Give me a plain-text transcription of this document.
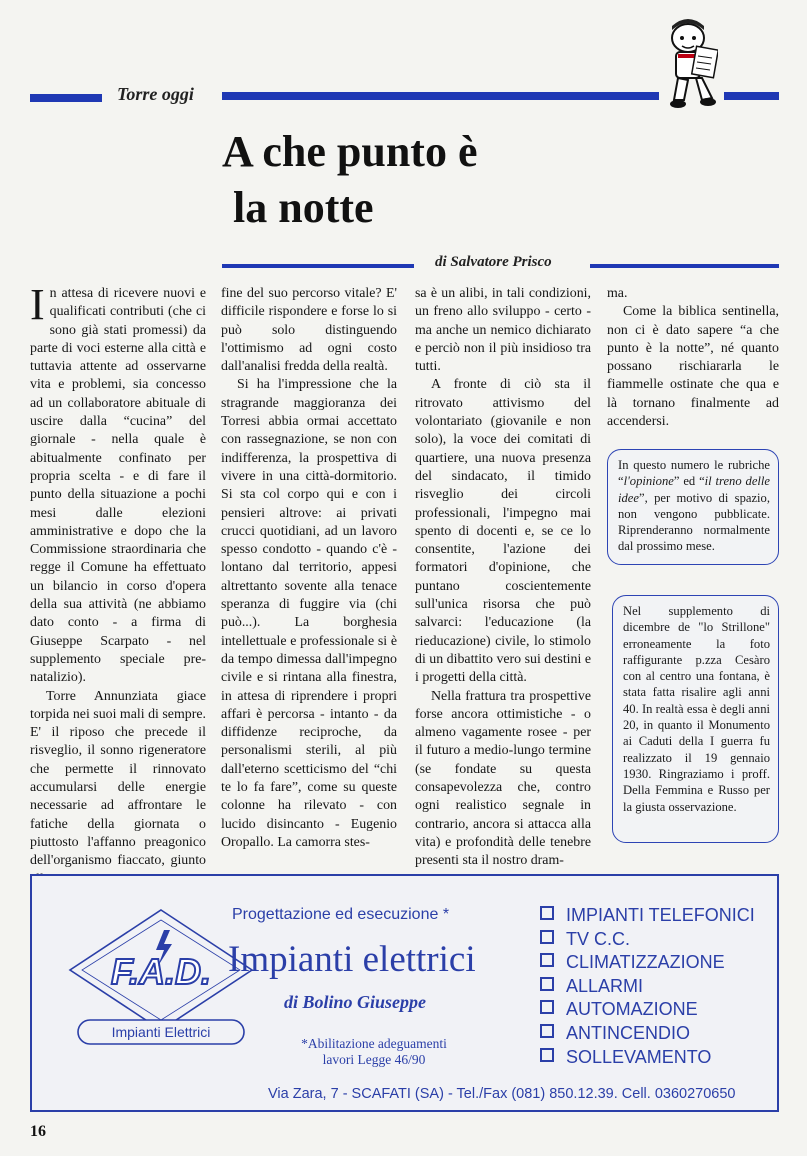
Torre oggi
A che punto è
la notte
di Salvatore Prisco

In attesa di ricevere nuovi e qualificati contributi (che ci sono già stati promessi) da parte di voci esterne alla città e tuttavia attente ad osservarne vita e problemi, sia concesso ad un collaboratore abituale di uscire dalla “cucina” del giornale - nella quale è abitualmente confinato per propria scelta - e di fare il punto della situazione a pochi mesi dalle elezioni amministrative e dopo che la Commissione straordinaria che regge il Comune ha effettuato un bilancio in corso d'opera della sua attività (ne abbiamo dato conto - a firma di Giuseppe Scarpato - nel supplemento speciale pre-natalizio).

Torre Annunziata giace torpida nei suoi mali di sempre. E' il riposo che precede il risveglio, il sonno rigeneratore che permette il rinnovato accumularsi delle energie necessarie ad affrontare le fatiche della giornata o piuttosto l'affanno preagonico dell'organismo fiaccato, giunto

fine del suo percorso vitale? E' difficile rispondere e forse lo si può solo distinguendo l'ottimismo ad ogni costo dall'analisi fredda della realtà.

Si ha l'impressione che la stragrande maggioranza dei Torresi abbia ormai accettato con rassegnazione, se non con indifferenza, la prospettiva di vivere in una città-dormitorio. Si sta col corpo qui e con i pensieri altrove: ai privati crucci quotidiani, ad un lavoro spesso condotto - quando c'è - lontano dal territorio, appesi altrettanto sovente alla tenace speranza di fuggire via (chi può...). La borghesia intellettuale e professionale si è da tempo dimessa dall'impegno civile e si rintana alla finestra, in attesa di riprendere i propri affari è percorsa - intanto - da diffidenze reciproche, da personalismi sterili, al più dall'eterno scetticismo del “chi te lo fa fare”, come su queste colonne ha rilevato - con lucido disincanto - Eugenio Oropallo. La camorra stes-

sa è un alibi, in tali condizioni, un freno allo sviluppo - certo - ma anche un nemico dichiarato e perciò non il più insidioso tra tutti.

A fronte di ciò sta il ritrovato attivismo del volontariato (giovanile e non solo), la voce dei comitati di quartiere, una nuova presenza del sindacato, il timido risveglio dei circoli professionali, l'impegno mai spento di docenti e, se ce lo consentite, l'azione dei formatori d'opinione, che puntano coscientemente sull'unica risorsa che può salvarci: l'educazione (la rieducazione) civile, lo stimolo di un dibattito vero sui destini e i progetti della città.

Nella frattura tra prospettive forse ancora ottimistiche - o almeno vagamente rosee - per il futuro a medio-lungo termine (se fondate su questa consapevolezza che, contro ogni realistico segnale in contrario, ancora si attacca alla vita) e profondità delle tenebre presenti sta il nostro dram-

ma.

Come la biblica sentinella, non ci è dato sapere “a che punto è la notte”, né quanto possano rischiararla le fiammelle ostinate che qua e là tornano finalmente ad accendersi.

In questo numero le rubriche “l'opinione” ed “il treno delle idee”, per motivo di spazio, non vengono pubblicate. Riprenderanno normalmente dal prossimo mese.
Nel supplemento di dicembre de "lo Strillone" erroneamente la foto raffigurante p.zza Cesàro con al centro una fontana, è stata fatta risalire agli anni 40. In realtà essa è degli anni 20, in quanto il Monumento ai Caduti della I guerra fu realizzato il 19 gennaio 1930. Ringraziamo i proff. Della Femmina e Russo per la giusta osservazione.
F.A.D.
Impianti Elettrici
Progettazione ed esecuzione *
Impianti elettrici
di Bolino Giuseppe
*Abilitazione adeguamenti
lavori Legge 46/90
IMPIANTI TELEFONICI
TV C.C.
CLIMATIZZAZIONE
ALLARMI
AUTOMAZIONE
ANTINCENDIO
SOLLEVAMENTO
Via Zara, 7 - SCAFATI (SA) - Tel./Fax (081) 850.12.39. Cell. 0360270650
16
